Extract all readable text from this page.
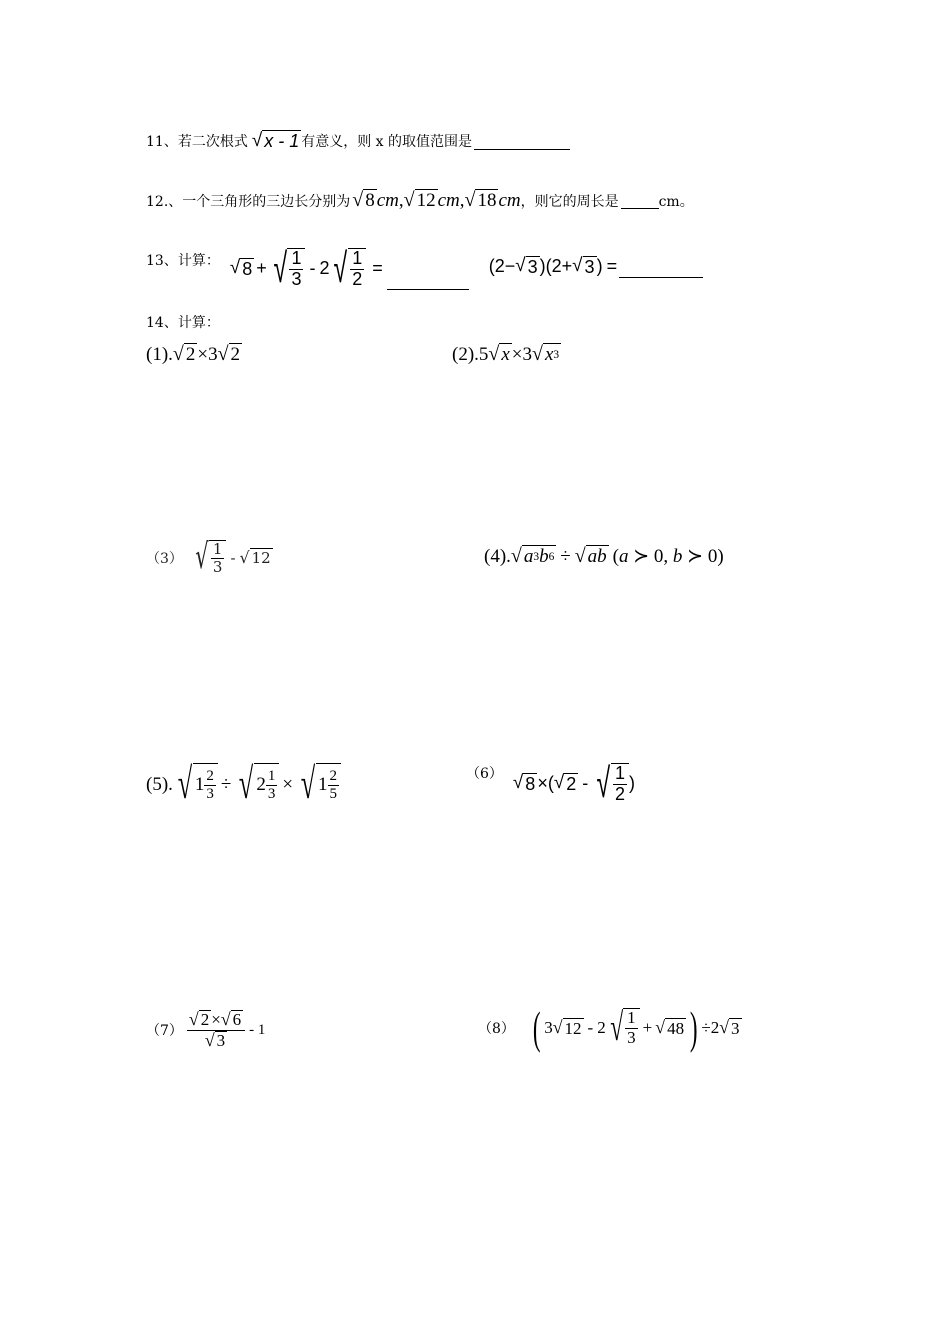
11、若二次根式 √ x - 1 有意义，则 x 的取值范围是

12.、一个三角形的三边长分别为 √ 8 cm , √ 12 cm , √ 18 cm ，则它的周长是
	cm。
13、计算： √ 8 + √ $\frac{1}{3} - 2$ √ $\frac{1}{2}$ =
	(2− √ 3 )(2+ √ 3 ) =

14、计算：
(1). √ 2 × 3 √ 2	(2). 5 √ x × 3 √ x 3
（3） √ $\frac{1}{3}$ - √ 12	(4). √ a 3 b 6 ÷ √ ab ( a ≻ 0, b ≻ 0)
(5). √ $1 \frac{2}{3}$ ÷ √ $2 \frac{1}{3}$ × √ $1 \frac{2}{5}$	（6） √ 8 ×( √ 2 - √ $\frac{1}{2}$ )
$(7) \frac{√ 2 \times √ 6}{√ 3} - 1$	（8） ( 3 √ 12 - 2 √ $\frac{1}{3}$ + √ 48 ) ÷2 √ 3
